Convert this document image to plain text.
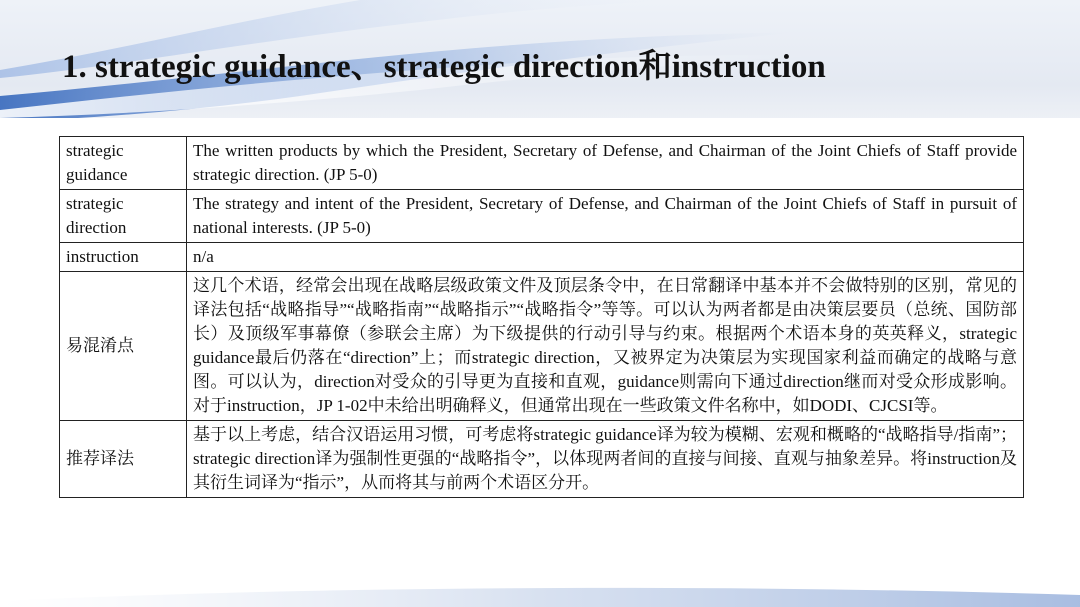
1. strategic guidance、strategic direction和instruction
strategic guidance	The written products by which the President, Secretary of Defense, and Chairman of the Joint Chiefs of Staff provide strategic direction. (JP 5-0)
strategic direction	The strategy and intent of the President, Secretary of Defense, and Chairman of the Joint Chiefs of Staff in pursuit of national interests. (JP 5-0)
instruction	n/a
易混淆点	这几个术语，经常会出现在战略层级政策文件及顶层条令中，在日常翻译中基本并不会做特别的区别，常见的译法包括“战略指导”“战略指南”“战略指示”“战略指令”等等。可以认为两者都是由决策层要员（总统、国防部长）及顶级军事幕僚（参联会主席）为下级提供的行动引导与约束。根据两个术语本身的英英释义，strategic guidance最后仍落在“direction”上；而strategic direction，又被界定为决策层为实现国家利益而确定的战略与意图。可以认为，direction对受众的引导更为直接和直观，guidance则需向下通过direction继而对受众形成影响。对于instruction，JP 1-02中未给出明确释义，但通常出现在一些政策文件名称中，如DODI、CJCSI等。
推荐译法	基于以上考虑，结合汉语运用习惯，可考虑将strategic guidance译为较为模糊、宏观和概略的“战略指导/指南”；strategic direction译为强制性更强的“战略指令”，以体现两者间的直接与间接、直观与抽象差异。将instruction及其衍生词译为“指示”，从而将其与前两个术语区分开。
